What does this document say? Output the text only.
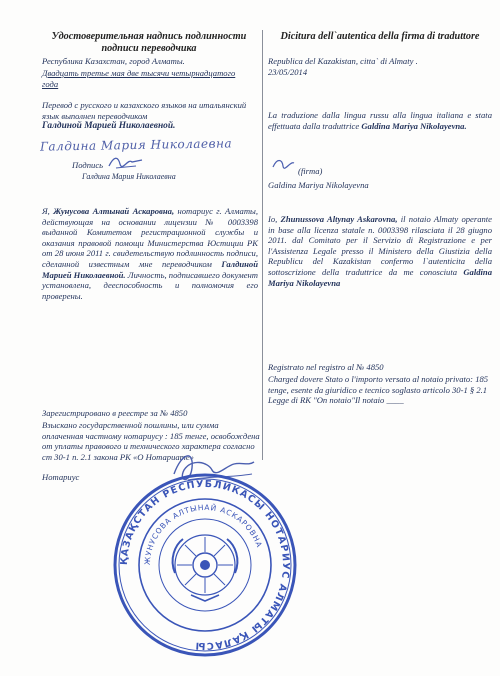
Удостоверительная надпись подлинности подписи переводчика
Dicitura dell`autentica della firma di traduttore
Республика Казахстан, город Алматы.
Двадцать третье мая две тысячи четырнадцатого года
Перевод с русского и казахского языков на итальянский язык выполнен переводчиком
Галдиной Марией Николаевной.
Галдина Мария Николаевна
Подпись
Галдина Мария Николаевна
Я, Жунусова Алтынай Аскаровна, нотариус г. Алматы, действующая на основании лицензии № 0003398 выданной Комитетом регистрационной службы и оказания правовой помощи Министерства Юстиции РК от 28 июня 2011 г. свидетельствую подлинность подписи, сделанной известным мне переводчиком Галдиной Марией Николаевной. Личность, подписавшего документ установлена, дееспособность и полномочия его проверены.
Зарегистрировано в реестре за № 4850
Взыскано государственной пошлины, или сумма оплаченная частному нотариусу : 185 тенге, освобождена от уплаты правового и технического характера согласно ст 30-1 п. 2.1 закона РК «О Нотариате»
Нотариус
Republica del Kazakistan, citta` di Almaty .
23/05/2014
La traduzione dalla lingua russu alla lingua italiana e stata effettuata dalla traduttrice Galdina Mariya Nikolayevna.
(firma)
Galdina Mariya Nikolayevna
Io, Zhunussova Altynay Askarovna, il notaio Almaty operante in base alla licenza statale n. 0003398 rilasciata il 28 giugno 2011. dal Comitato per il Servizio di Registrazione e per l'Assistenza Legale presso il Ministero della Giustizia della Republicu del Kazakistan confermo l`autenticita della sottoscrizione della traduttrice da me conosciuta Galdina Mariya Nikolayevna
Registrato nel registro al № 4850
Charged dovere Stato o l'importo versato al notaio privato: 185 tenge, esente da giuridico e tecnico soglasto articolo 30-1 § 2.1 Legge di RK "On notaio"Il notaio ____
ҚАЗАҚСТАН РЕСПУБЛИКАСЫ НОТАРИУС АЛМАТЫ ҚАЛАСЫ
ЖУНУСОВА АЛТЫНАЙ АСКАРОВНА
